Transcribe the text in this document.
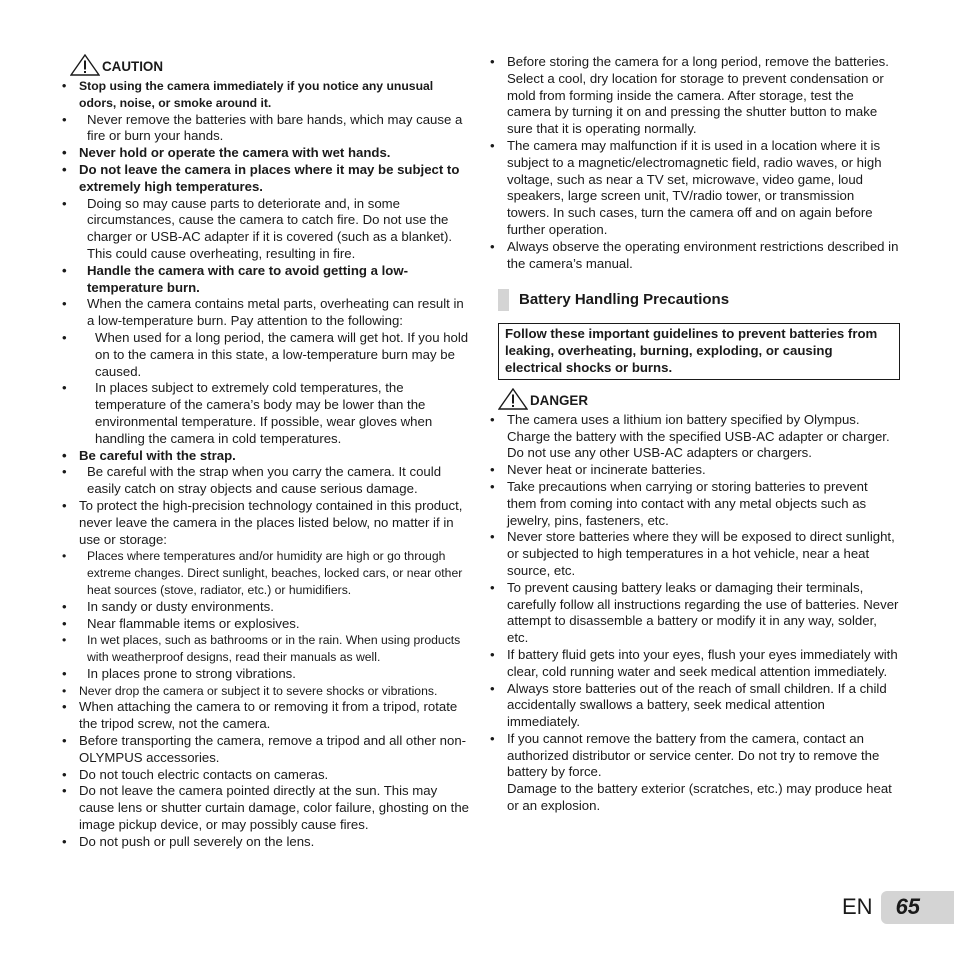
CAUTION
• Stop using the camera immediately if you notice any unusual odors, noise, or smoke around it.
• Never remove the batteries with bare hands, which may cause a fire or burn your hands.
• Never hold or operate the camera with wet hands.
• Do not leave the camera in places where it may be subject to extremely high temperatures.
• Doing so may cause parts to deteriorate and, in some circumstances, cause the camera to catch fire. Do not use the charger or USB-AC adapter if it is covered (such as a blanket). This could cause overheating, resulting in fire.
• Handle the camera with care to avoid getting a low-temperature burn.
• When the camera contains metal parts, overheating can result in a low-temperature burn. Pay attention to the following:
• When used for a long period, the camera will get hot. If you hold on to the camera in this state, a low-temperature burn may be caused.
• In places subject to extremely cold temperatures, the temperature of the camera’s body may be lower than the environmental temperature. If possible, wear gloves when handling the camera in cold temperatures.
• Be careful with the strap.
• Be careful with the strap when you carry the camera. It could easily catch on stray objects and cause serious damage.
• To protect the high-precision technology contained in this product, never leave the camera in the places listed below, no matter if in use or storage:
• Places where temperatures and/or humidity are high or go through extreme changes. Direct sunlight, beaches, locked cars, or near other heat sources (stove, radiator, etc.) or humidifiers.
• In sandy or dusty environments.
• Near flammable items or explosives.
• In wet places, such as bathrooms or in the rain. When using products with weatherproof designs, read their manuals as well.
• In places prone to strong vibrations.
• Never drop the camera or subject it to severe shocks or vibrations.
• When attaching the camera to or removing it from a tripod, rotate the tripod screw, not the camera.
• Before transporting the camera, remove a tripod and all other non-OLYMPUS accessories.
• Do not touch electric contacts on cameras.
• Do not leave the camera pointed directly at the sun. This may cause lens or shutter curtain damage, color failure, ghosting on the image pickup device, or may possibly cause fires.
• Do not push or pull severely on the lens.
• Before storing the camera for a long period, remove the batteries. Select a cool, dry location for storage to prevent condensation or mold from forming inside the camera. After storage, test the camera by turning it on and pressing the shutter button to make sure that it is operating normally.
• The camera may malfunction if it is used in a location where it is subject to a magnetic/electromagnetic field, radio waves, or high voltage, such as near a TV set, microwave, video game, loud speakers, large screen unit, TV/radio tower, or transmission towers. In such cases, turn the camera off and on again before further operation.
• Always observe the operating environment restrictions described in the camera’s manual.
Battery Handling Precautions
Follow these important guidelines to prevent batteries from leaking, overheating, burning, exploding, or causing electrical shocks or burns.
DANGER
• The camera uses a lithium ion battery specified by Olympus. Charge the battery with the specified USB-AC adapter or charger. Do not use any other USB-AC adapters or chargers.
• Never heat or incinerate batteries.
• Take precautions when carrying or storing batteries to prevent them from coming into contact with any metal objects such as jewelry, pins, fasteners, etc.
• Never store batteries where they will be exposed to direct sunlight, or subjected to high temperatures in a hot vehicle, near a heat source, etc.
• To prevent causing battery leaks or damaging their terminals, carefully follow all instructions regarding the use of batteries. Never attempt to disassemble a battery or modify it in any way, solder, etc.
• If battery fluid gets into your eyes, flush your eyes immediately with clear, cold running water and seek medical attention immediately.
• Always store batteries out of the reach of small children. If a child accidentally swallows a battery, seek medical attention immediately.
• If you cannot remove the battery from the camera, contact an authorized distributor or service center. Do not try to remove the battery by force.
Damage to the battery exterior (scratches, etc.) may produce heat or an explosion.
EN 65
